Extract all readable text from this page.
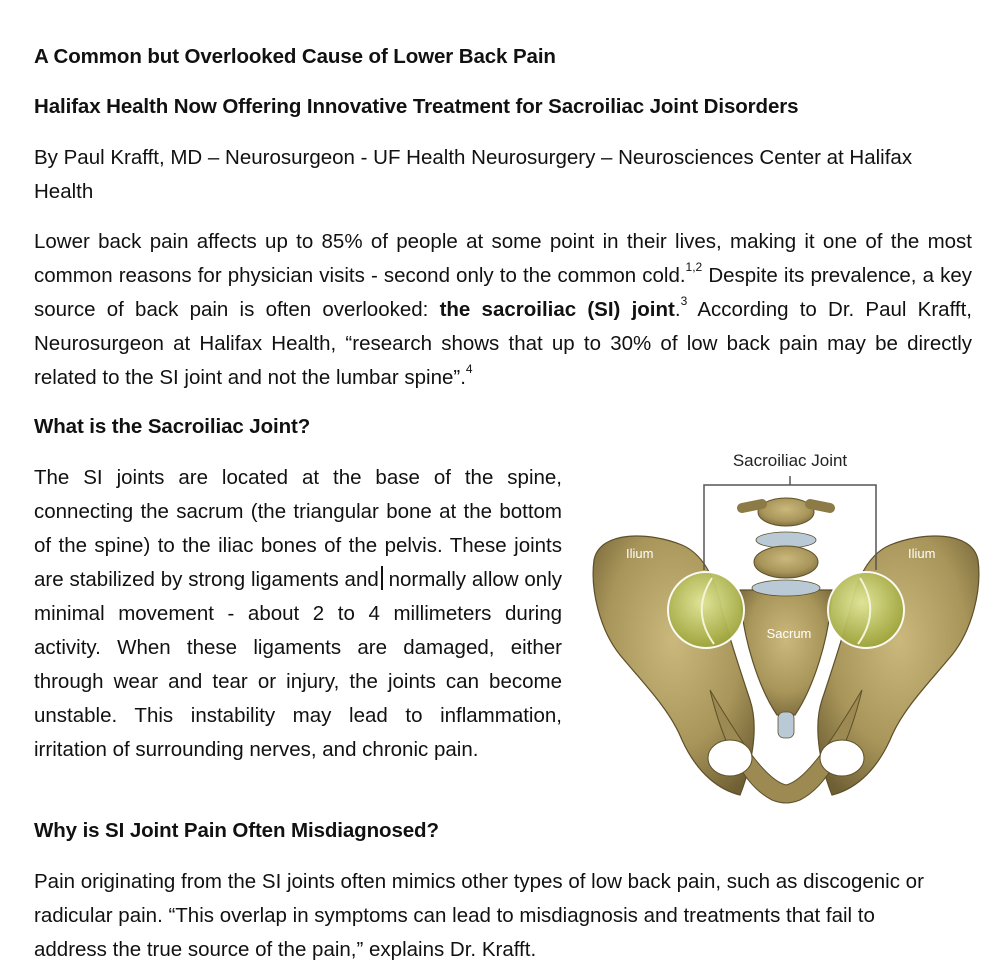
A Common but Overlooked Cause of Lower Back Pain
Halifax Health Now Offering Innovative Treatment for Sacroiliac Joint Disorders

By Paul Krafft, MD – Neurosurgeon - UF Health Neurosurgery – Neurosciences Center at Halifax Health

Lower back pain affects up to 85% of people at some point in their lives, making it one of the most common reasons for physician visits - second only to the common cold.$^{1,2}$ Despite its prevalence, a key source of back pain is often overlooked: the sacroiliac (SI) joint.$^3$ According to Dr. Paul Krafft, Neurosurgeon at Halifax Health, “research shows that up to 30% of low back pain may be directly related to the SI joint and not the lumbar spine”.$^4$

What is the Sacroiliac Joint?

The SI joints are located at the base of the spine, connecting the sacrum (the triangular bone at the bottom of the spine) to the iliac bones of the pelvis. These joints are stabilized by strong ligaments and normally allow only minimal movement - about 2 to 4 millimeters during activity. When these ligaments are damaged, either through wear and tear or injury, the joints can become unstable. This instability may lead to inflammation, irritation of surrounding nerves, and chronic pain.

Why is SI Joint Pain Often Misdiagnosed?

Pain originating from the SI joints often mimics other types of low back pain, such as discogenic or radicular pain. “This overlap in symptoms can lead to misdiagnosis and treatments that fail to address the true source of the pain,” explains Dr. Krafft.

Sacroiliac Joint
Ilium	Ilium
Sacrum
